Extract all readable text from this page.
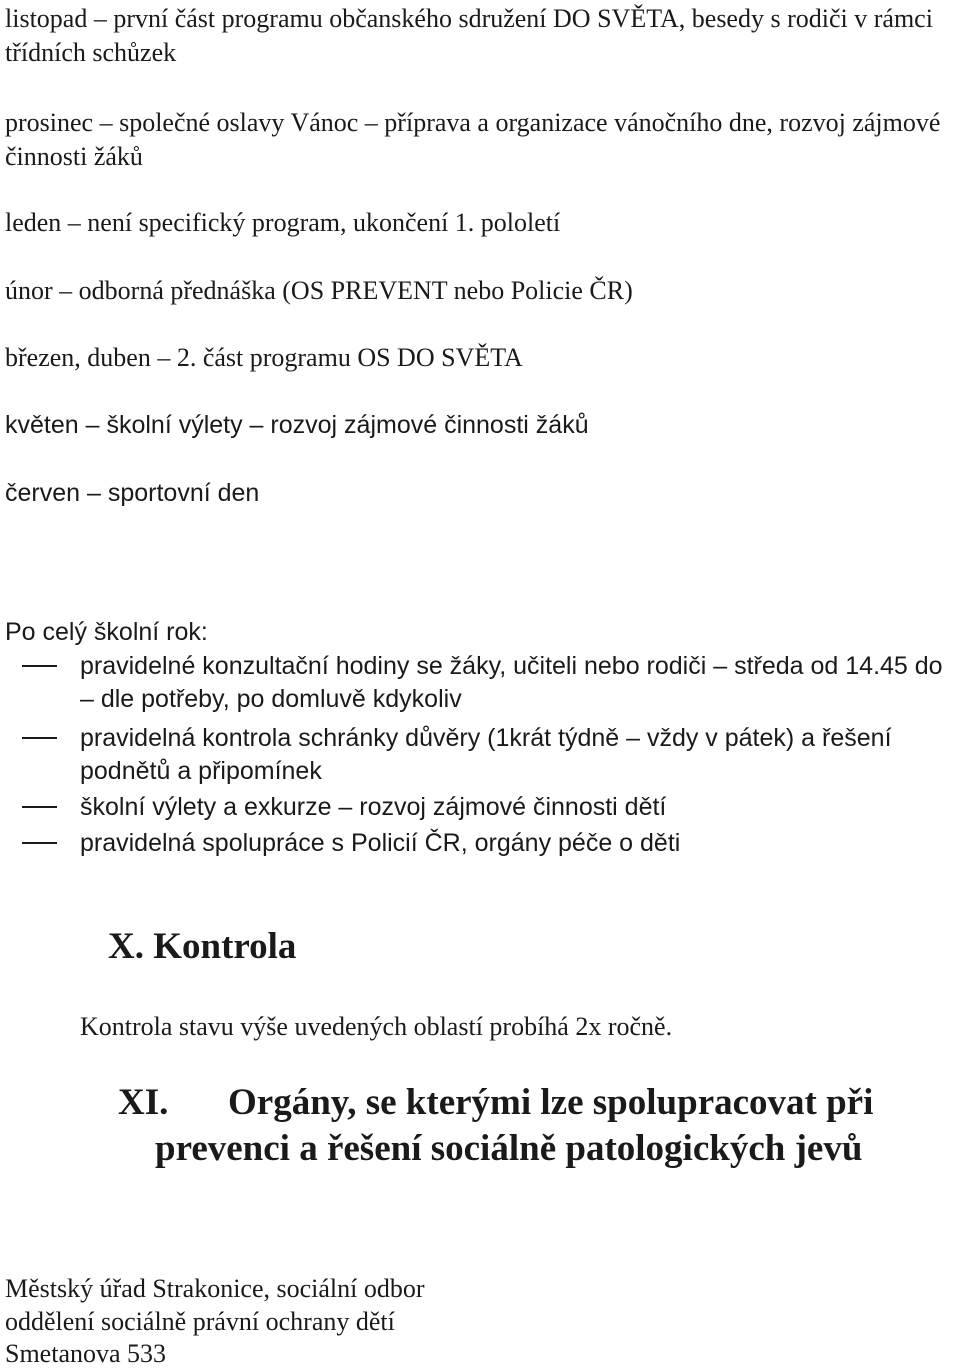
listopad – první část programu občanského sdružení DO SVĚTA, besedy s rodiči v rámci třídních schůzek
prosinec – společné oslavy Vánoc – příprava a organizace vánočního dne, rozvoj zájmové činnosti žáků
leden – není specifický program, ukončení 1. pololetí
únor – odborná přednáška (OS PREVENT nebo Policie ČR)
březen, duben – 2. část programu OS DO SVĚTA
květen – školní výlety – rozvoj zájmové činnosti žáků
červen – sportovní den
Po celý školní rok:
pravidelné konzultační hodiny se žáky, učiteli nebo rodiči – středa od 14.45 do – dle potřeby, po domluvě kdykoliv
pravidelná kontrola schránky důvěry (1krát týdně – vždy v pátek) a řešení podnětů a připomínek
školní výlety a exkurze – rozvoj zájmové činnosti dětí
pravidelná spolupráce s Policií ČR, orgány péče o děti
X. Kontrola
Kontrola stavu výše uvedených oblastí probíhá 2x ročně.
XI.	Orgány, se kterými lze spolupracovat při prevenci a řešení sociálně patologických jevů
Městský úřad Strakonice, sociální odbor
oddělení sociálně právní ochrany dětí
Smetanova 533
